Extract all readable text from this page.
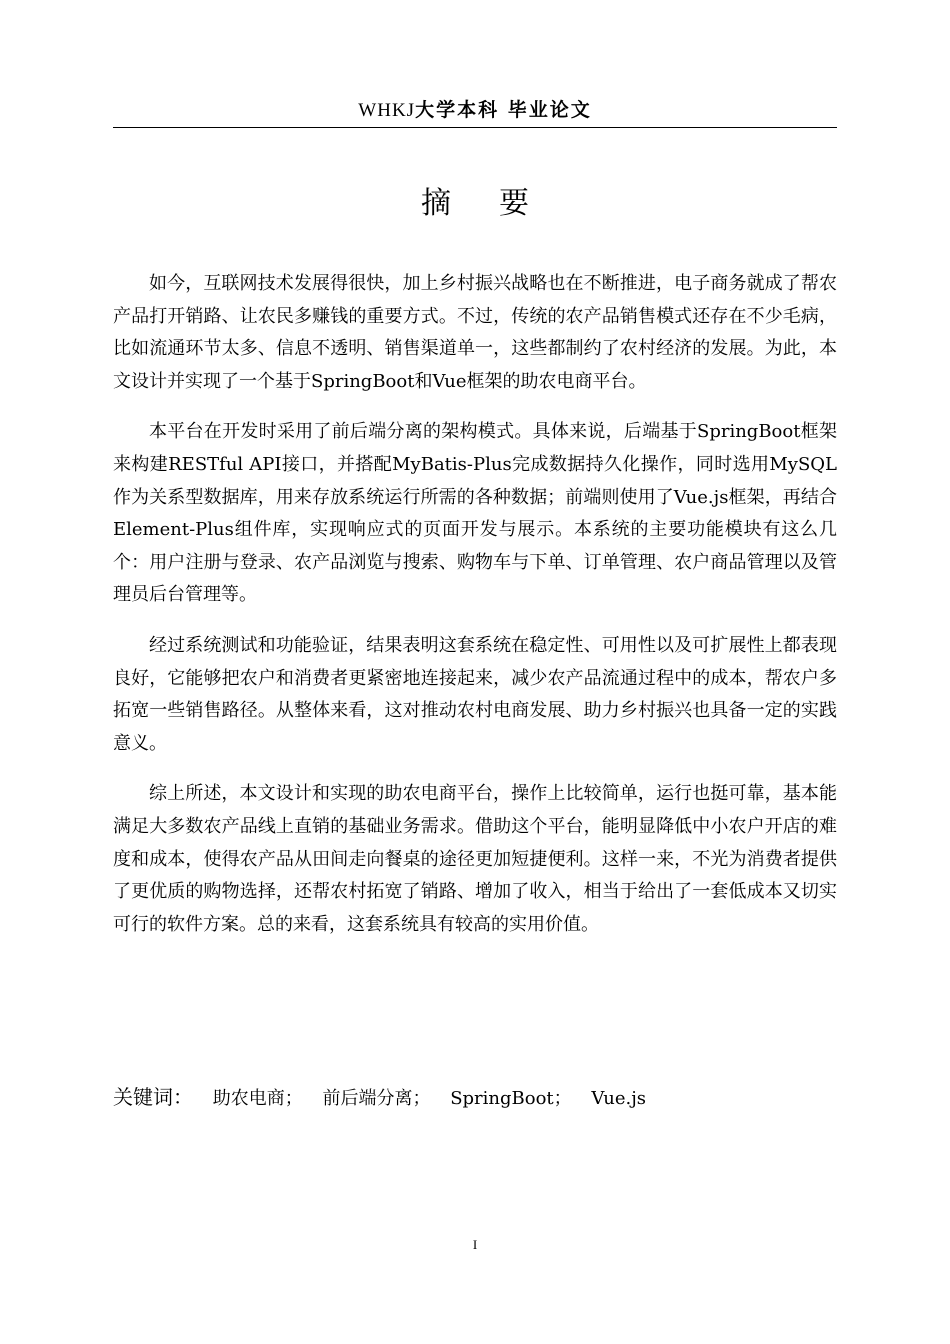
WHKJ大学本科 毕业论文
摘要

如今，互联网技术发展得很快，加上乡村振兴战略也在不断推进，电子商务就成了帮农产品打开销路、让农民多赚钱的重要方式。不过，传统的农产品销售模式还存在不少毛病，比如流通环节太多、信息不透明、销售渠道单一，这些都制约了农村经济的发展。为此，本文设计并实现了一个基于SpringBoot和Vue框架的助农电商平台。

本平台在开发时采用了前后端分离的架构模式。具体来说，后端基于SpringBoot框架来构建RESTful API接口，并搭配MyBatis-Plus完成数据持久化操作，同时选用MySQL作为关系型数据库，用来存放系统运行所需的各种数据；前端则使用了Vue.js框架，再结合Element-Plus组件库，实现响应式的页面开发与展示。本系统的主要功能模块有这么几个：用户注册与登录、农产品浏览与搜索、购物车与下单、订单管理、农户商品管理以及管理员后台管理等。

经过系统测试和功能验证，结果表明这套系统在稳定性、可用性以及可扩展性上都表现良好，它能够把农户和消费者更紧密地连接起来，减少农产品流通过程中的成本，帮农户多拓宽一些销售路径。从整体来看，这对推动农村电商发展、助力乡村振兴也具备一定的实践意义。

综上所述，本文设计和实现的助农电商平台，操作上比较简单，运行也挺可靠，基本能满足大多数农产品线上直销的基础业务需求。借助这个平台，能明显降低中小农户开店的难度和成本，使得农产品从田间走向餐桌的途径更加短捷便利。这样一来，不光为消费者提供了更优质的购物选择，还帮农村拓宽了销路、增加了收入，相当于给出了一套低成本又切实可行的软件方案。总的来看，这套系统具有较高的实用价值。

关键词： 助农电商； 前后端分离； SpringBoot； Vue.js
I
